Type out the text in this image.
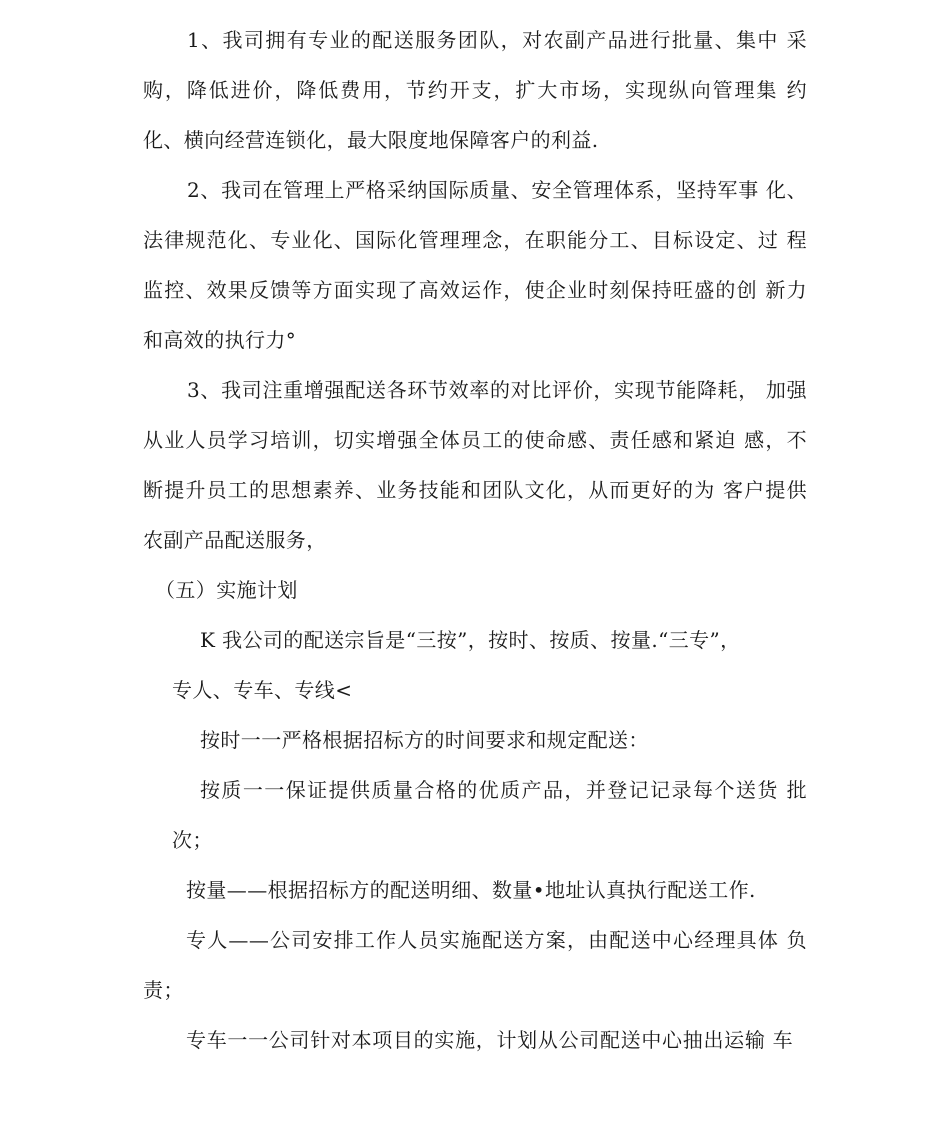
1、我司拥有专业的配送服务团队，对农副产品进行批量、集中 采
购，降低进价，降低费用，节约开支，扩大市场，实现纵向管理集 约
化、横向经营连锁化，最大限度地保障客户的利益.
2、我司在管理上严格采纳国际质量、安全管理体系，坚持军事 化、
法律规范化、专业化、国际化管理理念，在职能分工、目标设定、过 程
监控、效果反馈等方面实现了高效运作，使企业时刻保持旺盛的创 新力
和高效的执行力°
3、我司注重增强配送各环节效率的对比评价，实现节能降耗， 加强
从业人员学习培训，切实增强全体员工的使命感、责任感和紧迫 感，不
断提升员工的思想素养、业务技能和团队文化，从而更好的为 客户提供
农副产品配送服务，
（五）实施计划
K 我公司的配送宗旨是“三按”，按时、按质、按量.“三专”，
专人、专车、专线<
按时一一严格根据招标方的时间要求和规定配送：
按质一一保证提供质量合格的优质产品，并登记记录每个送货 批
次；
按量——根据招标方的配送明细、数量•地址认真执行配送工作.
专人——公司安排工作人员实施配送方案，由配送中心经理具体 负
责；
专车一一公司针对本项目的实施，计划从公司配送中心抽出运输 车
